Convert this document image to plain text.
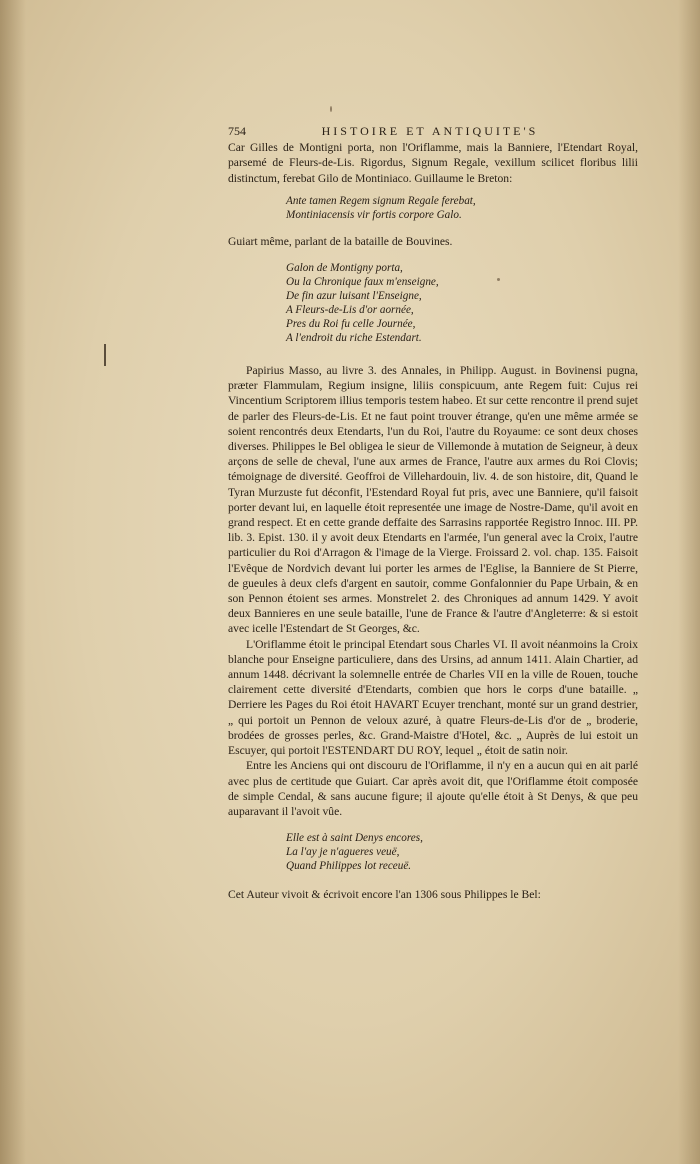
754	HISTOIRE ET ANTIQUITE'S

Car Gilles de Montigni porta, non l'Oriflamme, mais la Banniere, l'Etendart Royal, parsemé de Fleurs-de-Lis. Rigordus, Signum Regale, vexillum scilicet floribus lilii distinctum, ferebat Gilo de Montiniaco. Guillaume le Breton:

Ante tamen Regem signum Regale ferebat,
Montiniacensis vir fortis corpore Galo.

Guiart même, parlant de la bataille de Bouvines.

Galon de Montigny porta,
Ou la Chronique faux m'enseigne,
De fin azur luisant l'Enseigne,
A Fleurs-de-Lis d'or aornée,
Pres du Roi fu celle Journée,
A l'endroit du riche Estendart.

Papirius Masso, au livre 3. des Annales, in Philipp. August. in Bovinensi pugna, præter Flammulam, Regium insigne, liliis conspicuum, ante Regem fuit: Cujus rei Vincentium Scriptorem illius temporis testem habeo. Et sur cette rencontre il prend sujet de parler des Fleurs-de-Lis. Et ne faut point trouver étrange, qu'en une même armée se soient rencontrés deux Etendarts, l'un du Roi, l'autre du Royaume: ce sont deux choses diverses. Philippes le Bel obligea le sieur de Villemonde à mutation de Seigneur, à deux arçons de selle de cheval, l'une aux armes de France, l'autre aux armes du Roi Clovis; témoignage de diversité. Geoffroi de Villehardouin, liv. 4. de son histoire, dit, Quand le Tyran Murzuste fut déconfit, l'Estendard Royal fut pris, avec une Banniere, qu'il faisoit porter devant lui, en laquelle étoit representée une image de Nostre-Dame, qu'il avoit en grand respect. Et en cette grande deffaite des Sarrasins rapportée Registro Innoc. III. PP. lib. 3. Epist. 130. il y avoit deux Etendarts en l'armée, l'un general avec la Croix, l'autre particulier du Roi d'Arragon & l'image de la Vierge. Froissard 2. vol. chap. 135. Faisoit l'Evêque de Nordvich devant lui porter les armes de l'Eglise, la Banniere de St Pierre, de gueules à deux clefs d'argent en sautoir, comme Gonfalonnier du Pape Urbain, & en son Pennon étoient ses armes. Monstrelet 2. des Chroniques ad annum 1429. Y avoit deux Bannieres en une seule bataille, l'une de France & l'autre d'Angleterre: & si estoit avec icelle l'Estendart de St Georges, &c.

L'Oriflamme étoit le principal Etendart sous Charles VI. Il avoit néanmoins la Croix blanche pour Enseigne particuliere, dans des Ursins, ad annum 1411. Alain Chartier, ad annum 1448. décrivant la solemnelle entrée de Charles VII en la ville de Rouen, touche clairement cette diversité d'Etendarts, combien que hors le corps d'une bataille. „ Derriere les Pages du Roi étoit HAVART Ecuyer trenchant, monté sur un grand destrier, „ qui portoit un Pennon de veloux azuré, à quatre Fleurs-de-Lis d'or de „ broderie, brodées de grosses perles, &c. Grand-Maistre d'Hotel, &c. „ Auprès de lui estoit un Escuyer, qui portoit l'ESTENDART DU ROY, lequel „ étoit de satin noir.

Entre les Anciens qui ont discouru de l'Oriflamme, il n'y en a aucun qui en ait parlé avec plus de certitude que Guiart. Car après avoit dit, que l'Oriflamme étoit composée de simple Cendal, & sans aucune figure; il ajoute qu'elle étoit à St Denys, & que peu auparavant il l'avoit vûe.

Elle est à saint Denys encores,
La l'ay je n'agueres veuë,
Quand Philippes lot receuë.

Cet Auteur vivoit & écrivoit encore l'an 1306 sous Philippes le Bel:
